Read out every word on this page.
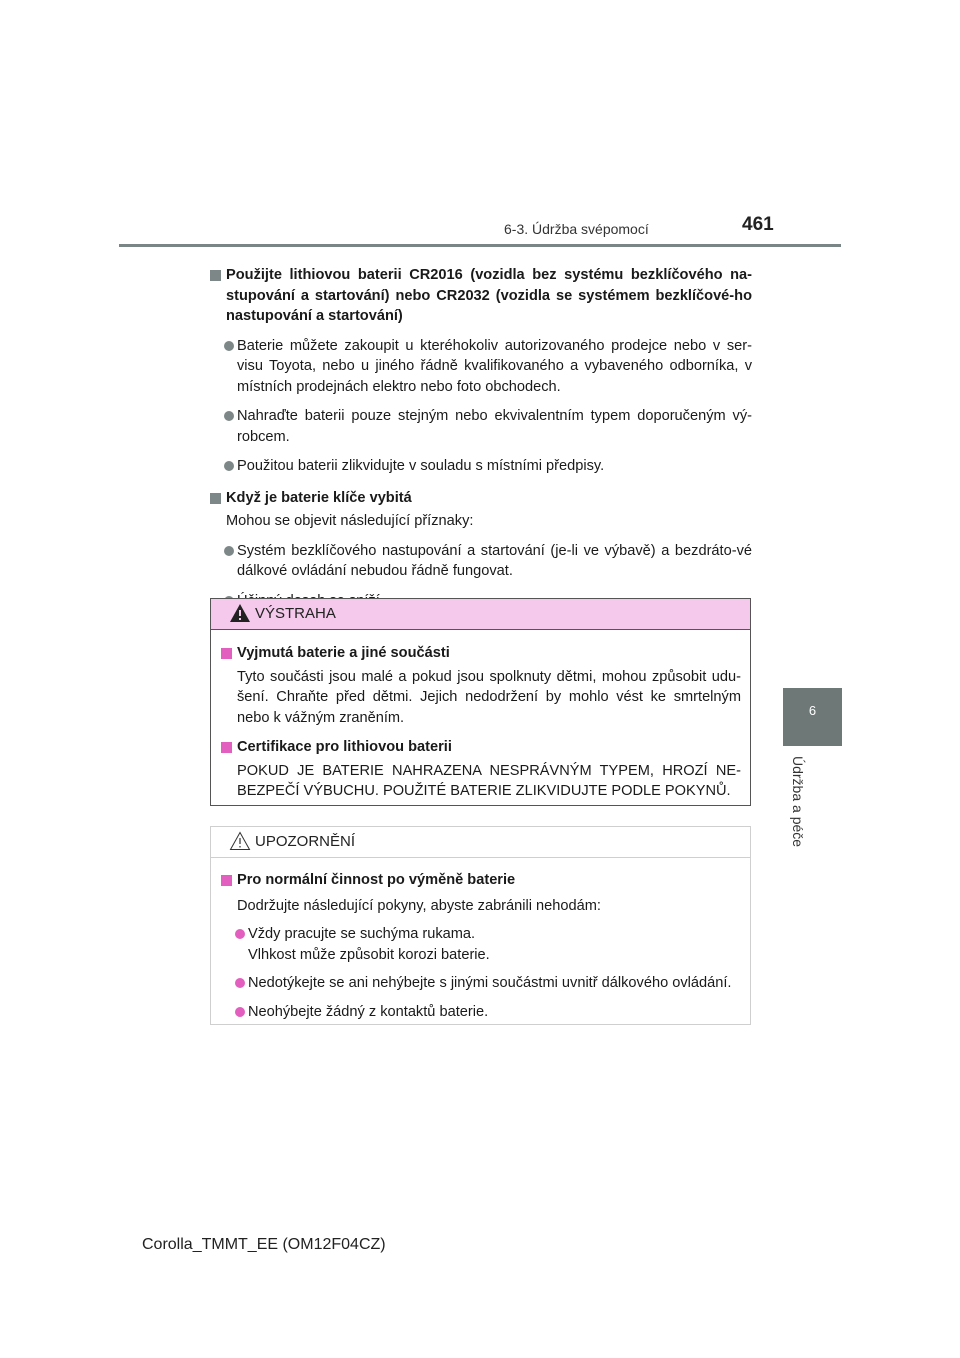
6-3. Údržba svépomocí	461
6
Údržba a péče
Použijte lithiovou baterii CR2016 (vozidla bez systému bezklíčového na-stupování a startování) nebo CR2032 (vozidla se systémem bezklíčové-ho nastupování a startování)
Baterie můžete zakoupit u kteréhokoliv autorizovaného prodejce nebo v ser-visu Toyota, nebo u jiného řádně kvalifikovaného a vybaveného odborníka, v místních prodejnách elektro nebo foto obchodech.
Nahraďte baterii pouze stejným nebo ekvivalentním typem doporučeným vý-robcem.
Použitou baterii zlikvidujte v souladu s místními předpisy.
Když je baterie klíče vybitá
Mohou se objevit následující příznaky:
Systém bezklíčového nastupování a startování (je-li ve výbavě) a bezdráto-vé dálkové ovládání nebudou řádně fungovat.
VÝSTRAHA
Vyjmutá baterie a jiné součásti
Tyto součásti jsou malé a pokud jsou spolknuty dětmi, mohou způsobit udu-šení. Chraňte před dětmi. Jejich nedodržení by mohlo vést ke smrtelným nebo k vážným zraněním.
Certifikace pro lithiovou baterii
POKUD JE BATERIE NAHRAZENA NESPRÁVNÝM TYPEM, HROZÍ NE-BEZPEČÍ VÝBUCHU. POUŽITÉ BATERIE ZLIKVIDUJTE PODLE POKYNŮ.
UPOZORNĚNÍ
Pro normální činnost po výměně baterie
Dodržujte následující pokyny, abyste zabránili nehodám:
Vždy pracujte se suchýma rukama.
Vlhkost může způsobit korozi baterie.
Nedotýkejte se ani nehýbejte s jinými součástmi uvnitř dálkového ovládání.
Neohýbejte žádný z kontaktů baterie.
Corolla_TMMT_EE (OM12F04CZ)
